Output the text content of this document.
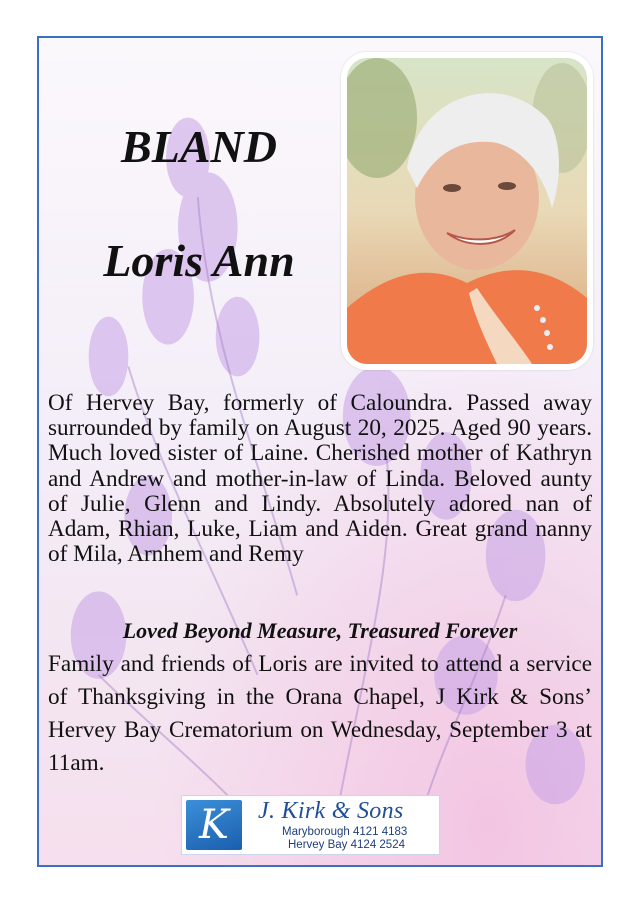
BLAND
Loris Ann
Of Hervey Bay, formerly of Caloundra. Passed away surrounded by family on August 20, 2025. Aged 90 years. Much loved sister of Laine. Cherished mother of Kathryn and Andrew and mother-in-law of Linda. Beloved aunty of Julie, Glenn and Lindy. Absolutely adored nan of Adam, Rhian, Luke, Liam and Aiden. Great grand nanny of Mila, Arnhem and Remy
Loved Beyond Measure, Treasured Forever
Family and friends of Loris are invited to attend a service of Thanksgiving in the Orana Chapel, J Kirk & Sons’ Hervey Bay Crematorium on Wednesday, September 3 at 11am.
K	J. Kirk & Sons
Maryborough 4121 4183
Hervey Bay 4124 2524
